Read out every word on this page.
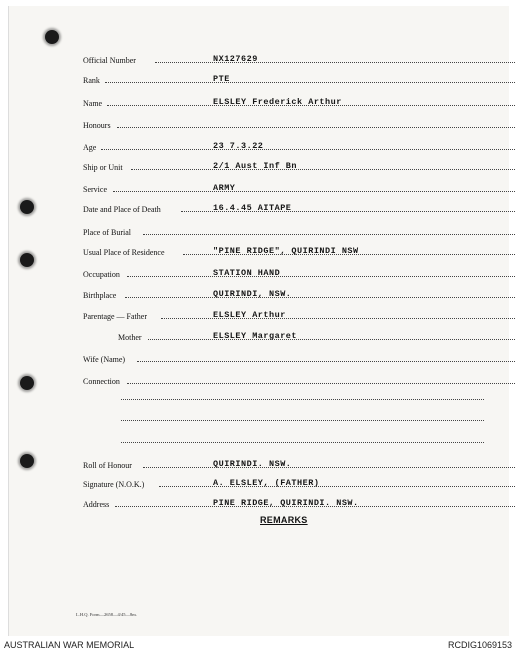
Official Number	NX127629
Rank	PTE
Name	ELSLEY Frederick Arthur
Honours
Age	23 7.3.22
Ship or Unit	2/1 Aust Inf Bn
Service	ARMY
Date and Place of Death	16.4.45 AITAPE
Place of Burial
Usual Place of Residence	"PINE RIDGE", QUIRINDI NSW
Occupation	STATION HAND
Birthplace	QUIRINDI, NSW.
Parentage — Father	ELSLEY Arthur
Mother	ELSLEY Margaret
Wife (Name)
Connection
Roll of Honour	QUIRINDI. NSW.
Signature (N.O.K.)	A. ELSLEY, (FATHER)
Address	PINE RIDGE, QUIRINDI. NSW.
REMARKS
L.H.Q. Form—2658—4/45—8m.
AUSTRALIAN WAR MEMORIAL	RCDIG1069153
